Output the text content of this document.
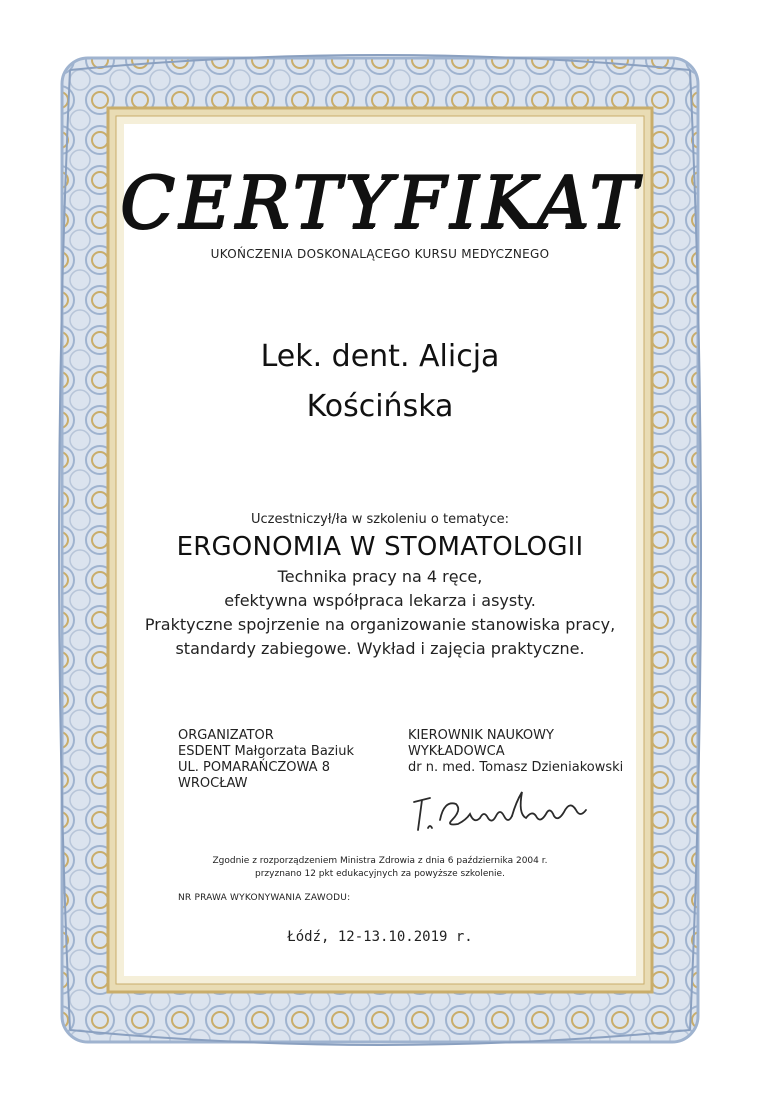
CERTYFIKAT
UKOŃCZENIA DOSKONALĄCEGO KURSU MEDYCZNEGO
Lek. dent. Alicja
Kościńska
Uczestniczył/ła w szkoleniu o tematyce:
ERGONOMIA W STOMATOLOGII
Technika pracy na 4 ręce,
efektywna współpraca lekarza i asysty.
Praktyczne spojrzenie na organizowanie stanowiska pracy,
standardy zabiegowe. Wykład i zajęcia praktyczne.
ORGANIZATOR
ESDENT Małgorzata Baziuk
UL. POMARAŃCZOWA 8
WROCŁAW
KIEROWNIK NAUKOWY
WYKŁADOWCA
dr n. med. Tomasz Dzieniakowski
Zgodnie z rozporządzeniem Ministra Zdrowia z dnia 6 października 2004 r.
przyznano 12 pkt edukacyjnych za powyższe szkolenie.
NR PRAWA WYKONYWANIA ZAWODU:
Łódź, 12-13.10.2019 r.
